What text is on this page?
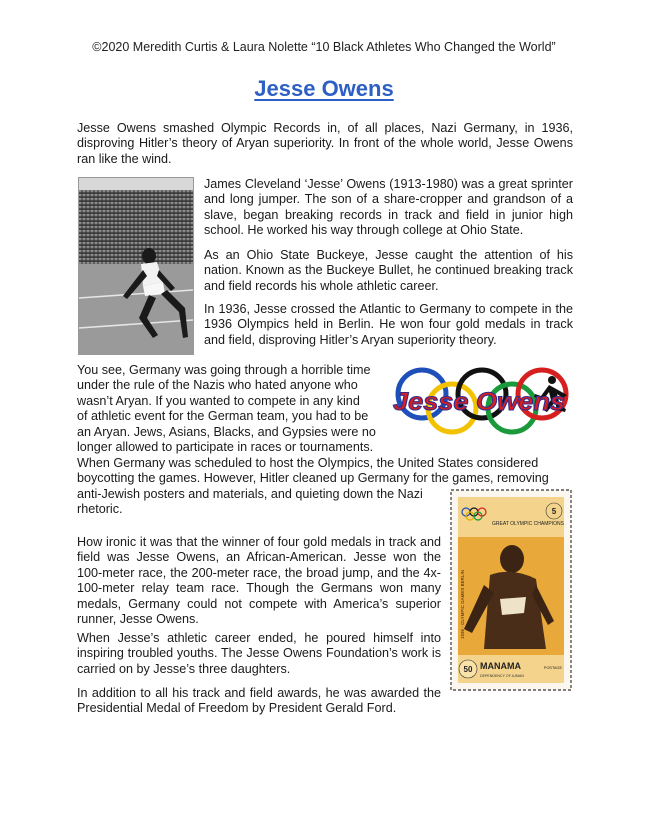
©2020 Meredith Curtis & Laura Nolette “10 Black Athletes Who Changed the World”
Jesse Owens
Jesse Owens smashed Olympic Records in, of all places, Nazi Germany, in 1936, disproving Hitler’s theory of Aryan superiority. In front of the whole world, Jesse Owens ran like the wind.
James Cleveland ‘Jesse’ Owens (1913-1980) was a great sprinter and long jumper. The son of a share-cropper and grandson of a slave, began breaking records in track and field in junior high school. He worked his way through college at Ohio State.
As an Ohio State Buckeye, Jesse caught the attention of his nation. Known as the Buckeye Bullet, he continued breaking track and field records his whole athletic career.
In 1936, Jesse crossed the Atlantic to Germany to compete in the 1936 Olympics held in Berlin. He won four gold medals in track and field, disproving Hitler’s Aryan superiority theory.
You see, Germany was going through a horrible time
under the rule of the Nazis who hated anyone who
wasn’t Aryan. If you wanted to compete in any kind
of athletic event for the German team, you had to be
an Aryan. Jews, Asians, Blacks, and Gypsies were no
longer allowed to participate in races or tournaments.
Jesse Owens
When Germany was scheduled to host the Olympics, the United States considered
boycotting the games. However, Hitler cleaned up Germany for the games, removing
anti-Jewish posters and materials, and quieting down the Nazi rhetoric.
GREAT OLYMPIC CHAMPIONS
5
1936 - OLYMPIC GAMES BERLIN
50 MANAMA
DEPENDENCY OF AJMAN
POSTAGE
How ironic it was that the winner of four gold medals in track and field was Jesse Owens, an African-American. Jesse won the 100-meter race, the 200-meter race, the broad jump, and the 4x-100-meter relay team race. Though the Germans won many medals, Germany could not compete with America’s superior runner, Jesse Owens.
When Jesse’s athletic career ended, he poured himself into inspiring troubled youths. The Jesse Owens Foundation’s work is carried on by Jesse’s three daughters.
In addition to all his track and field awards, he was awarded the Presidential Medal of Freedom by President Gerald Ford.
